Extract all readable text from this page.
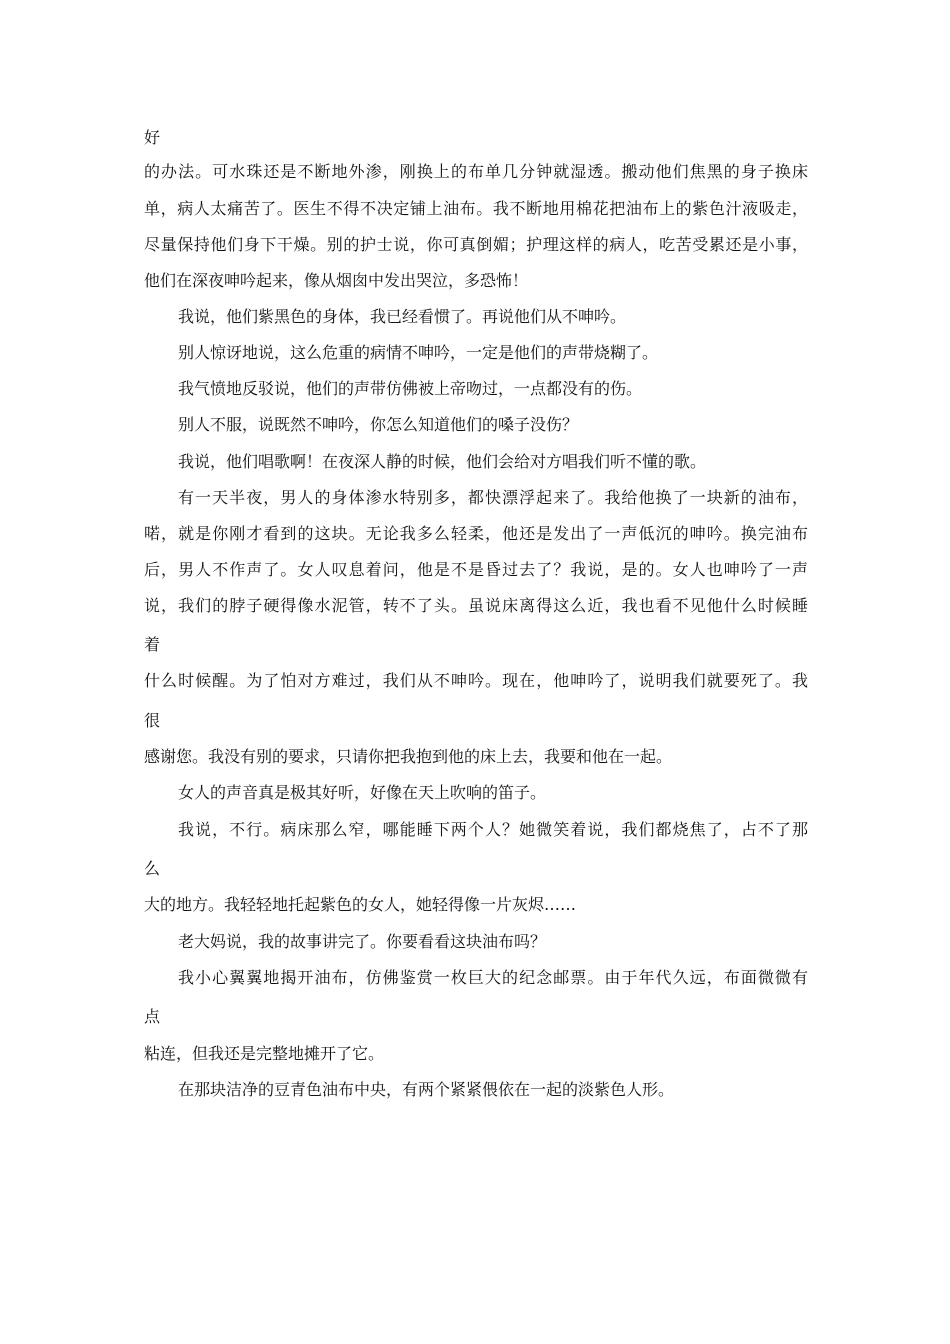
好
的办法。可水珠还是不断地外渗，刚换上的布单几分钟就湿透。搬动他们焦黑的身子换床
单，病人太痛苦了。医生不得不决定铺上油布。我不断地用棉花把油布上的紫色汁液吸走，
尽量保持他们身下干燥。别的护士说，你可真倒媚；护理这样的病人，吃苦受累还是小事，
他们在深夜呻吟起来，像从烟囱中发出哭泣，多恐怖！
我说，他们紫黑色的身体，我已经看惯了。再说他们从不呻吟。
别人惊讶地说，这么危重的病情不呻吟，一定是他们的声带烧糊了。
我气愤地反驳说，他们的声带仿佛被上帝吻过，一点都没有的伤。
别人不服，说既然不呻吟，你怎么知道他们的嗓子没伤？
我说，他们唱歌啊！在夜深人静的时候，他们会给对方唱我们听不懂的歌。
有一天半夜，男人的身体渗水特别多，都快漂浮起来了。我给他换了一块新的油布，
喏，就是你刚才看到的这块。无论我多么轻柔，他还是发出了一声低沉的呻吟。换完油布
后，男人不作声了。女人叹息着问，他是不是昏过去了？我说，是的。女人也呻吟了一声
说，我们的脖子硬得像水泥管，转不了头。虽说床离得这么近，我也看不见他什么时候睡
着
什么时候醒。为了怕对方难过，我们从不呻吟。现在，他呻吟了，说明我们就要死了。我
很
感谢您。我没有别的要求，只请你把我抱到他的床上去，我要和他在一起。
女人的声音真是极其好听，好像在天上吹响的笛子。
我说，不行。病床那么窄，哪能睡下两个人？她微笑着说，我们都烧焦了，占不了那
么
大的地方。我轻轻地托起紫色的女人，她轻得像一片灰烬……
老大妈说，我的故事讲完了。你要看看这块油布吗？
我小心翼翼地揭开油布，仿佛鉴赏一枚巨大的纪念邮票。由于年代久远，布面微微有
点
粘连，但我还是完整地摊开了它。
在那块洁净的豆青色油布中央，有两个紧紧偎依在一起的淡紫色人形。
